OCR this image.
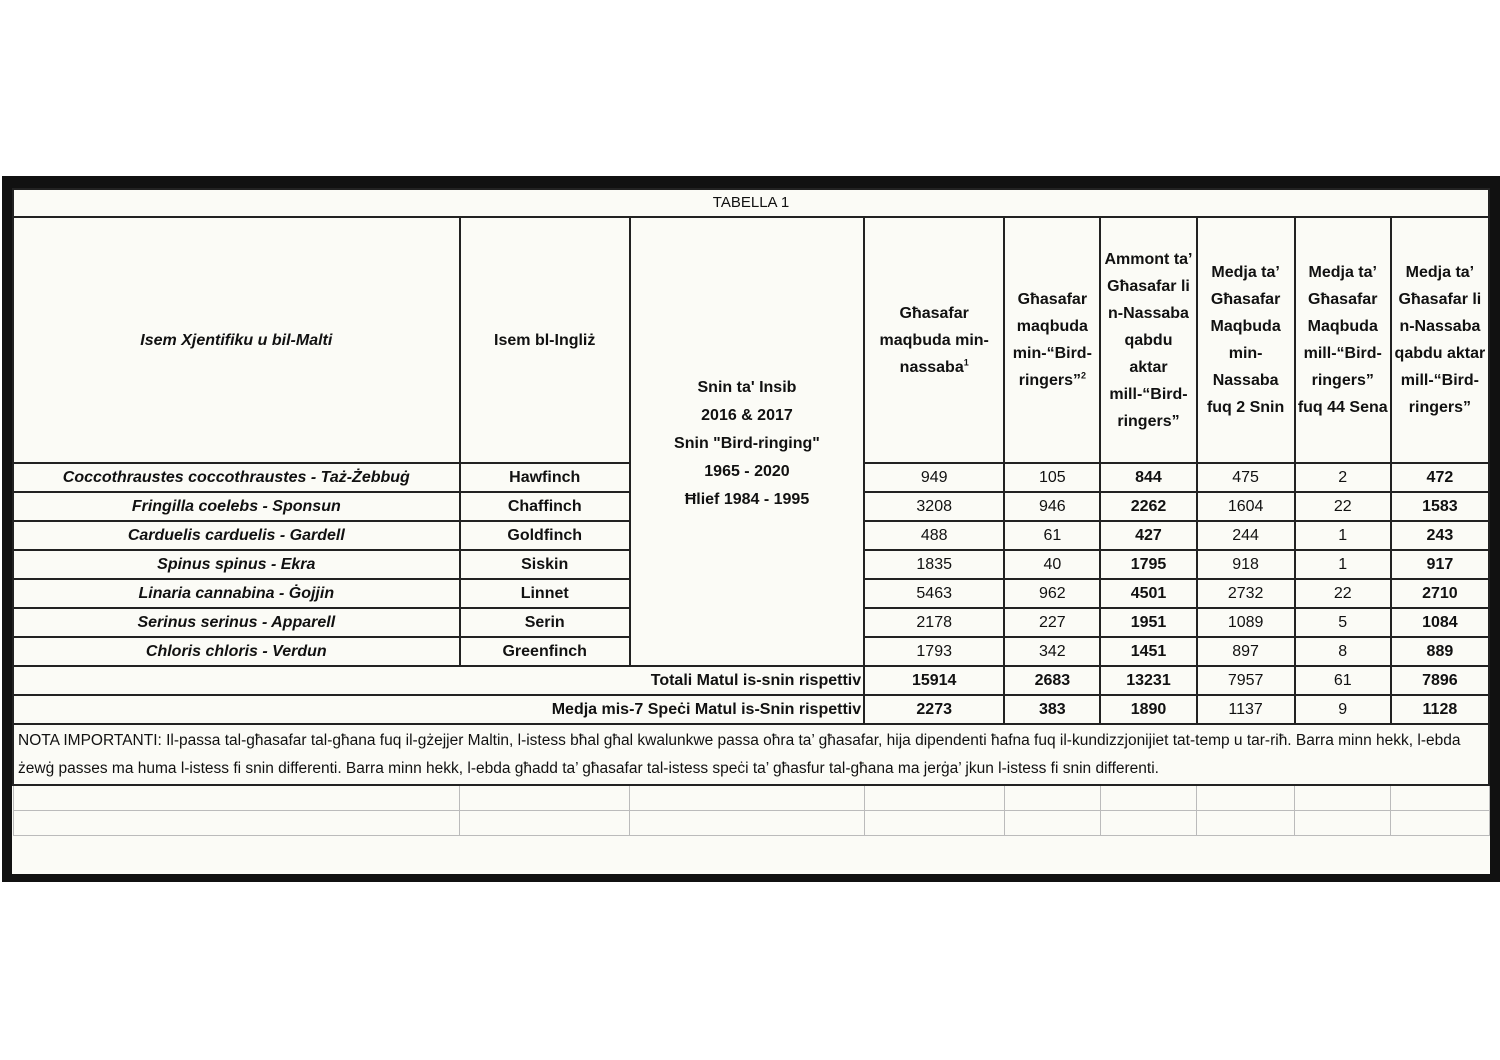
TABELLA 1								
Isem Xjentifiku u bil-Malti	Isem bl-Ingliż	Snin ta' Insib
2016 & 2017
Snin "Bird-ringing"
1965 - 2020
Ħlief 1984 - 1995	Għasafar maqbuda min-nassaba$^1$	Għasafar maqbuda min-“Bird-ringers”$^2$	Ammont ta’ Għasafar li n-Nassaba qabdu aktar mill-“Bird-ringers”	Medja ta’ Għasafar Maqbuda min-Nassaba fuq 2 Snin	Medja ta’ Għasafar Maqbuda mill-“Bird-ringers” fuq 44 Sena	Medja ta’ Għasafar li n-Nassaba qabdu aktar mill-“Bird-ringers”
Coccothraustes coccothraustes - Taż-Żebbuġ	Hawfinch		949	105	844	475	2	472
Fringilla coelebs - Sponsun	Chaffinch		3208	946	2262	1604	22	1583
Carduelis carduelis - Gardell	Goldfinch		488	61	427	244	1	243
Spinus spinus - Ekra	Siskin		1835	40	1795	918	1	917
Linaria cannabina - Ġojjin	Linnet		5463	962	4501	2732	22	2710
Serinus serinus - Apparell	Serin		2178	227	1951	1089	5	1084
Chloris chloris - Verdun	Greenfinch		1793	342	1451	897	8	889
Totali Matul is-snin rispettiv			15914	2683	13231	7957	61	7896
Medja mis-7 Speċi Matul is-Snin rispettiv			2273	383	1890	1137	9	1128
NOTA IMPORTANTI: Il-passa tal-għasafar tal-għana fuq il-gżejjer Maltin, l-istess bħal għal kwalunkwe passa oħra ta’ għasafar, hija dipendenti ħafna fuq il-kundizzjonijiet tat-temp u tar-riħ. Barra minn hekk, l-ebda żewġ passes ma huma l-istess fi snin differenti. Barra minn hekk, l-ebda għadd ta’ għasafar tal-istess speċi ta’ għasfur tal-għana ma jerġa’ jkun l-istess fi snin differenti.								
